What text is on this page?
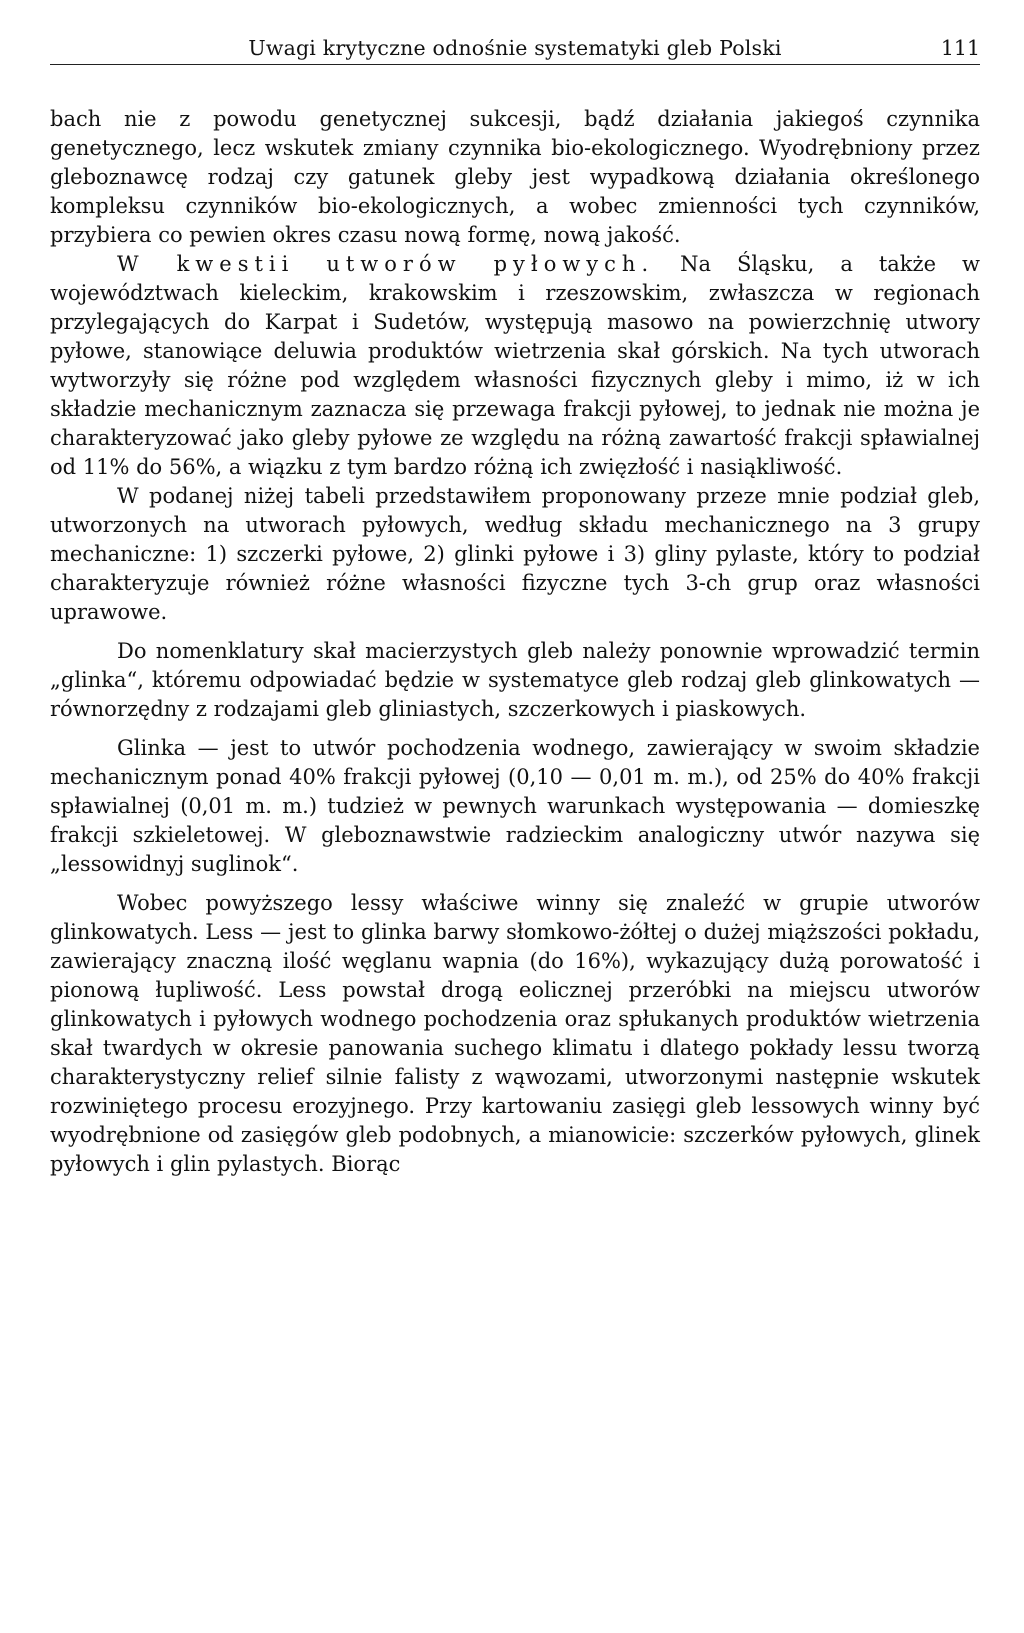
Uwagi krytyczne odnośnie systematyki gleb Polski	111

bach nie z powodu genetycznej sukcesji, bądź działania jakiegoś czynnika genetycznego, lecz wskutek zmiany czynnika bio-ekologicznego. Wyodrębniony przez gleboznawcę rodzaj czy gatunek gleby jest wypadkową działania określonego kompleksu czynników bio-ekologicznych, a wobec zmienności tych czynników, przybiera co pewien okres czasu nową formę, nową jakość.

W kwestii utworów pyłowych. Na Śląsku, a także w województwach kieleckim, krakowskim i rzeszowskim, zwłaszcza w regionach przylegających do Karpat i Sudetów, występują masowo na powierzchnię utwory pyłowe, stanowiące deluwia produktów wietrzenia skał górskich. Na tych utworach wytworzyły się różne pod względem własności fizycznych gleby i mimo, iż w ich składzie mechanicznym zaznacza się przewaga frakcji pyłowej, to jednak nie można je charakteryzować jako gleby pyłowe ze względu na różną zawartość frakcji spławialnej od 11% do 56%, a wiązku z tym bardzo różną ich zwięzłość i nasiąkliwość.

W podanej niżej tabeli przedstawiłem proponowany przeze mnie podział gleb, utworzonych na utworach pyłowych, według składu mechanicznego na 3 grupy mechaniczne: 1) szczerki pyłowe, 2) glinki pyłowe i 3) gliny pylaste, który to podział charakteryzuje również różne własności fizyczne tych 3-ch grup oraz własności uprawowe.

Do nomenklatury skał macierzystych gleb należy ponownie wprowadzić termin „glinka“, któremu odpowiadać będzie w systematyce gleb rodzaj gleb glinkowatych — równorzędny z rodzajami gleb gliniastych, szczerkowych i piaskowych.

Glinka — jest to utwór pochodzenia wodnego, zawierający w swoim składzie mechanicznym ponad 40% frakcji pyłowej (0,10 — 0,01 m. m.), od 25% do 40% frakcji spławialnej (0,01 m. m.) tudzież w pewnych warunkach występowania — domieszkę frakcji szkieletowej. W gleboznawstwie radzieckim analogiczny utwór nazywa się „lessowidnyj suglinok“.

Wobec powyższego lessy właściwe winny się znaleźć w grupie utworów glinkowatych. Less — jest to glinka barwy słomkowo-żółtej o dużej miąższości pokładu, zawierający znaczną ilość węglanu wapnia (do 16%), wykazujący dużą porowatość i pionową łupliwość. Less powstał drogą eolicznej przeróbki na miejscu utworów glinkowatych i pyłowych wodnego pochodzenia oraz spłukanych produktów wietrzenia skał twardych w okresie panowania suchego klimatu i dlatego pokłady lessu tworzą charakterystyczny relief silnie falisty z wąwozami, utworzonymi następnie wskutek rozwiniętego procesu erozyjnego. Przy kartowaniu zasięgi gleb lessowych winny być wyodrębnione od zasięgów gleb podobnych, a mianowicie: szczerków pyłowych, glinek pyłowych i glin pylastych. Biorąc
